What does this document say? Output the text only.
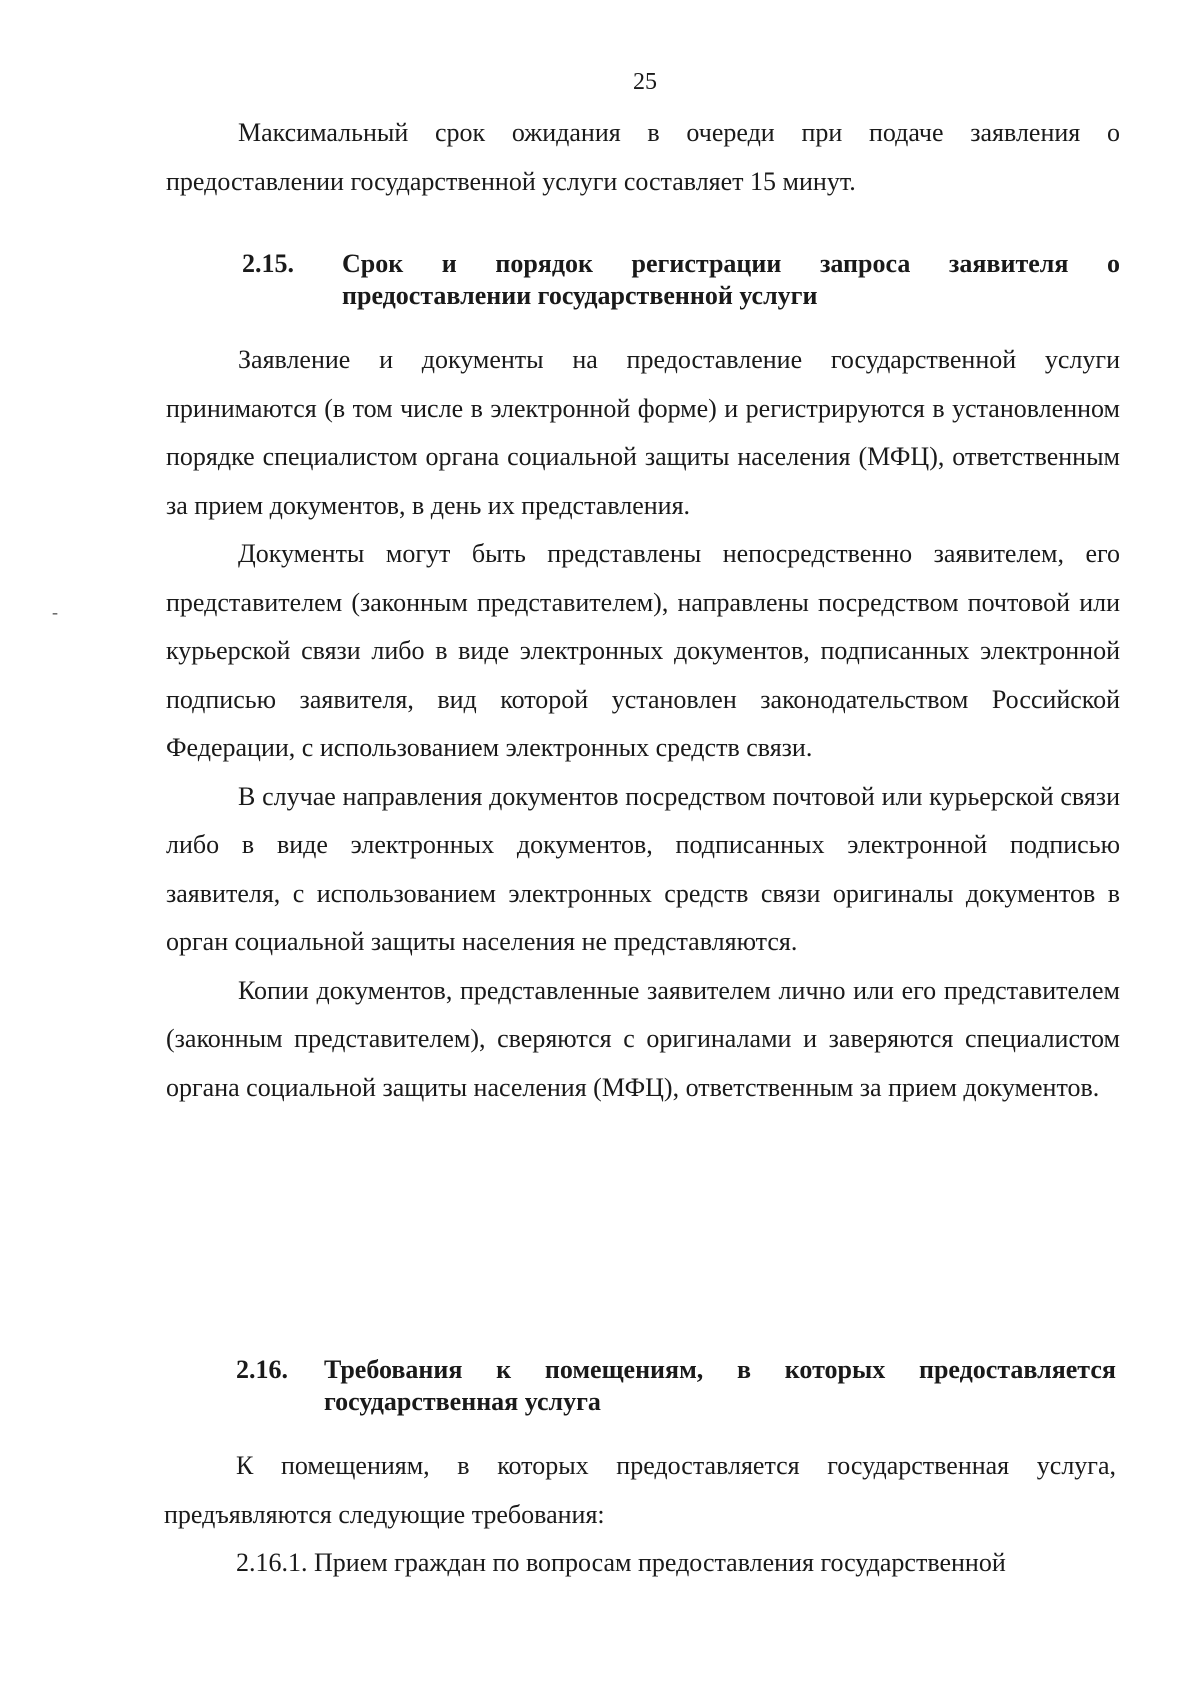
25

Максимальный срок ожидания в очереди при подаче заявления о предоставлении государственной услуги составляет 15 минут.

2.15. Срок и порядок регистрации запроса заявителя о предоставлении государственной услуги

Заявление и документы на предоставление государственной услуги принимаются (в том числе в электронной форме) и регистрируются в установленном порядке специалистом органа социальной защиты населения (МФЦ), ответственным за прием документов, в день их представления.

Документы могут быть представлены непосредственно заявителем, его представителем (законным представителем), направлены посредством почтовой или курьерской связи либо в виде электронных документов, подписанных электронной подписью заявителя, вид которой установлен законодательством Российской Федерации, с использованием электронных средств связи.

В случае направления документов посредством почтовой или курьерской связи либо в виде электронных документов, подписанных электронной подписью заявителя, с использованием электронных средств связи оригиналы документов в орган социальной защиты населения не представляются.

Копии документов, представленные заявителем лично или его представителем (законным представителем), сверяются с оригиналами и заверяются специалистом органа социальной защиты населения (МФЦ), ответственным за прием документов.

2.16. Требования к помещениям, в которых предоставляется государственная услуга

К помещениям, в которых предоставляется государственная услуга, предъявляются следующие требования:

2.16.1. Прием граждан по вопросам предоставления государственной

‐
